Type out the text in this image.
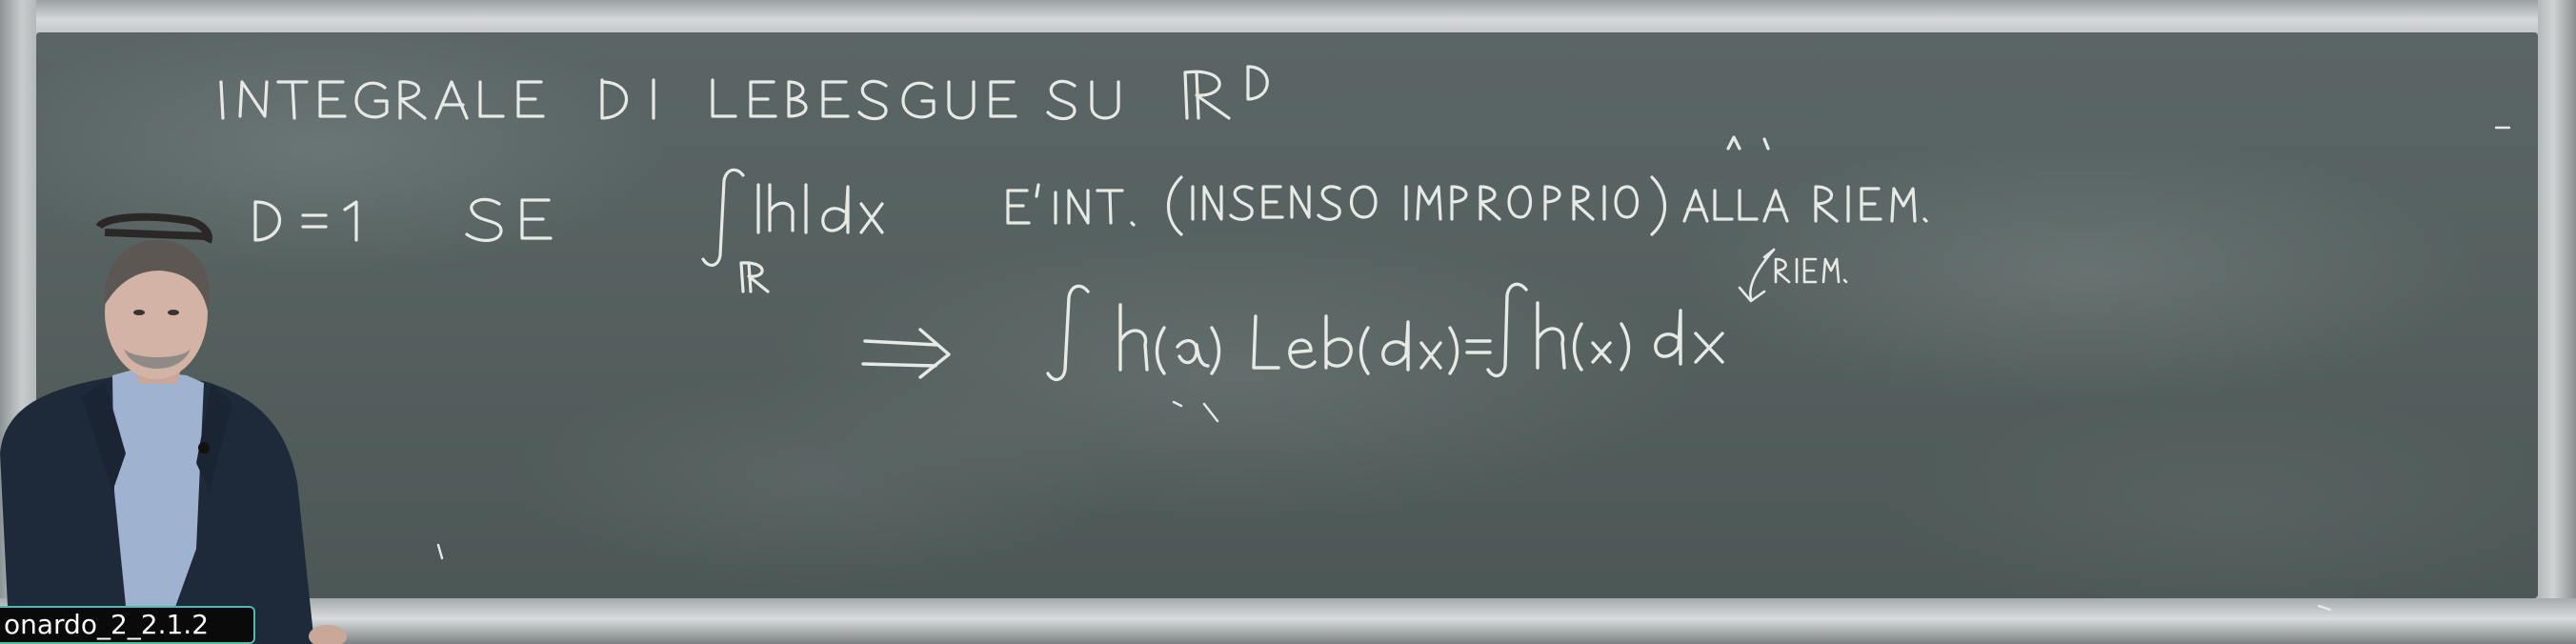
onardo_2_2.1.2
